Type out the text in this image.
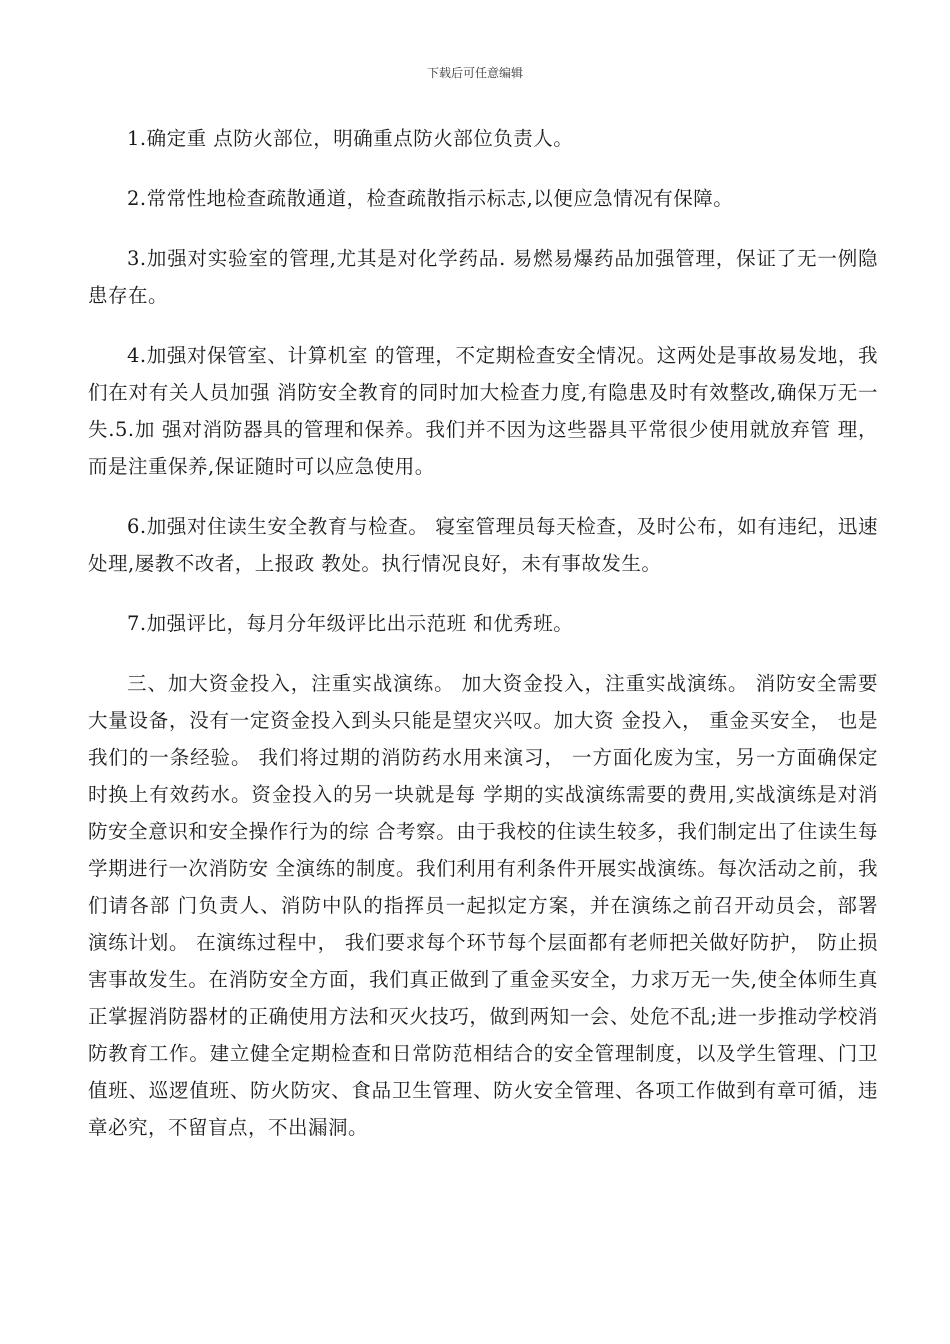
下载后可任意编辑

1.确定重 点防火部位，明确重点防火部位负责人。

2.常常性地检查疏散通道，检查疏散指示标志,以便应急情况有保障。

3.加强对实验室的管理,尤其是对化学药品. 易燃易爆药品加强管理，保证了无一例隐患存在。

4.加强对保管室、计算机室 的管理，不定期检查安全情况。这两处是事故易发地，我们在对有关人员加强 消防安全教育的同时加大检查力度,有隐患及时有效整改,确保万无一失.5.加 强对消防器具的管理和保养。我们并不因为这些器具平常很少使用就放弃管 理，而是注重保养,保证随时可以应急使用。

6.加强对住读生安全教育与检查。 寝室管理员每天检查，及时公布，如有违纪，迅速处理,屡教不改者，上报政 教处。执行情况良好，未有事故发生。

7.加强评比，每月分年级评比出示范班 和优秀班。

三、加大资金投入，注重实战演练。 加大资金投入，注重实战演练。 消防安全需要大量设备，没有一定资金投入到头只能是望灾兴叹。加大资 金投入， 重金买安全， 也是我们的一条经验。 我们将过期的消防药水用来演习， 一方面化废为宝，另一方面确保定时换上有效药水。资金投入的另一块就是每 学期的实战演练需要的费用,实战演练是对消防安全意识和安全操作行为的综 合考察。由于我校的住读生较多，我们制定出了住读生每学期进行一次消防安 全演练的制度。我们利用有利条件开展实战演练。每次活动之前，我们请各部 门负责人、消防中队的指挥员一起拟定方案，并在演练之前召开动员会，部署 演练计划。 在演练过程中， 我们要求每个环节每个层面都有老师把关做好防护， 防止损害事故发生。在消防安全方面，我们真正做到了重金买安全，力求万无一失,使全体师生真正掌握消防器材的正确使用方法和灭火技巧，做到两知一会、处危不乱;进一步推动学校消防教育工作。建立健全定期检查和日常防范相结合的安全管理制度，以及学生管理、门卫值班、巡逻值班、防火防灾、食品卫生管理、防火安全管理、各项工作做到有章可循，违章必究，不留盲点，不出漏洞。
